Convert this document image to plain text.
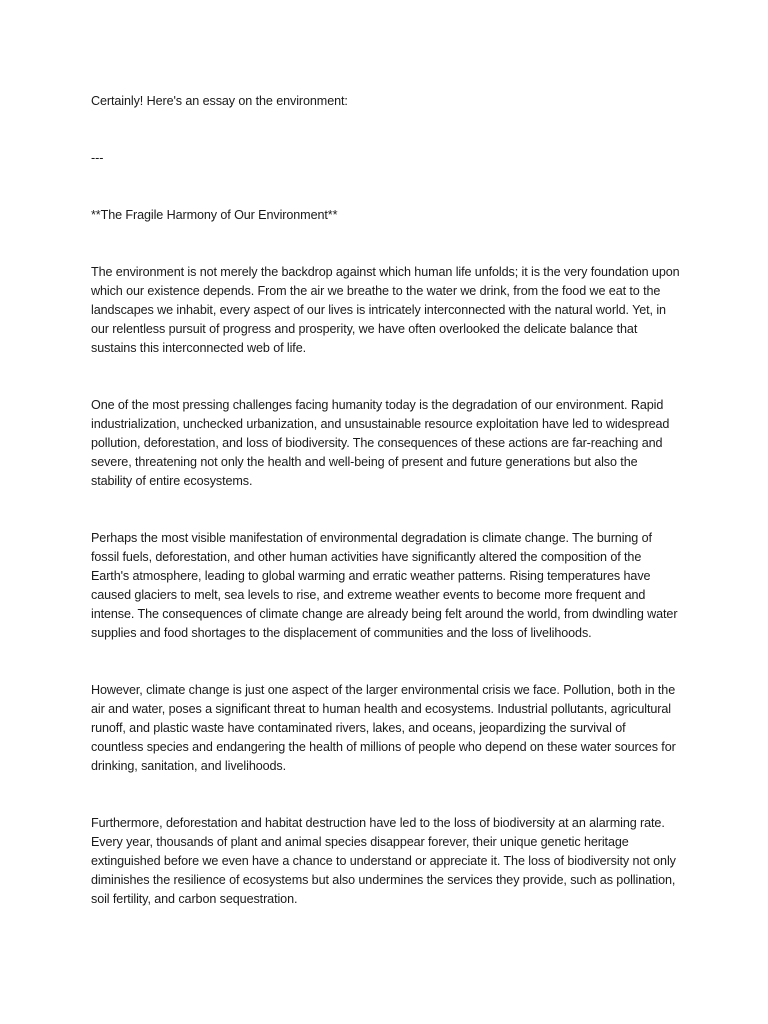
Certainly! Here's an essay on the environment:

---

**The Fragile Harmony of Our Environment**

The environment is not merely the backdrop against which human life unfolds; it is the very foundation upon which our existence depends. From the air we breathe to the water we drink, from the food we eat to the landscapes we inhabit, every aspect of our lives is intricately interconnected with the natural world. Yet, in our relentless pursuit of progress and prosperity, we have often overlooked the delicate balance that sustains this interconnected web of life.

One of the most pressing challenges facing humanity today is the degradation of our environment. Rapid industrialization, unchecked urbanization, and unsustainable resource exploitation have led to widespread pollution, deforestation, and loss of biodiversity. The consequences of these actions are far-reaching and severe, threatening not only the health and well-being of present and future generations but also the stability of entire ecosystems.

Perhaps the most visible manifestation of environmental degradation is climate change. The burning of fossil fuels, deforestation, and other human activities have significantly altered the composition of the Earth's atmosphere, leading to global warming and erratic weather patterns. Rising temperatures have caused glaciers to melt, sea levels to rise, and extreme weather events to become more frequent and intense. The consequences of climate change are already being felt around the world, from dwindling water supplies and food shortages to the displacement of communities and the loss of livelihoods.

However, climate change is just one aspect of the larger environmental crisis we face. Pollution, both in the air and water, poses a significant threat to human health and ecosystems. Industrial pollutants, agricultural runoff, and plastic waste have contaminated rivers, lakes, and oceans, jeopardizing the survival of countless species and endangering the health of millions of people who depend on these water sources for drinking, sanitation, and livelihoods.

Furthermore, deforestation and habitat destruction have led to the loss of biodiversity at an alarming rate. Every year, thousands of plant and animal species disappear forever, their unique genetic heritage extinguished before we even have a chance to understand or appreciate it. The loss of biodiversity not only diminishes the resilience of ecosystems but also undermines the services they provide, such as pollination, soil fertility, and carbon sequestration.
